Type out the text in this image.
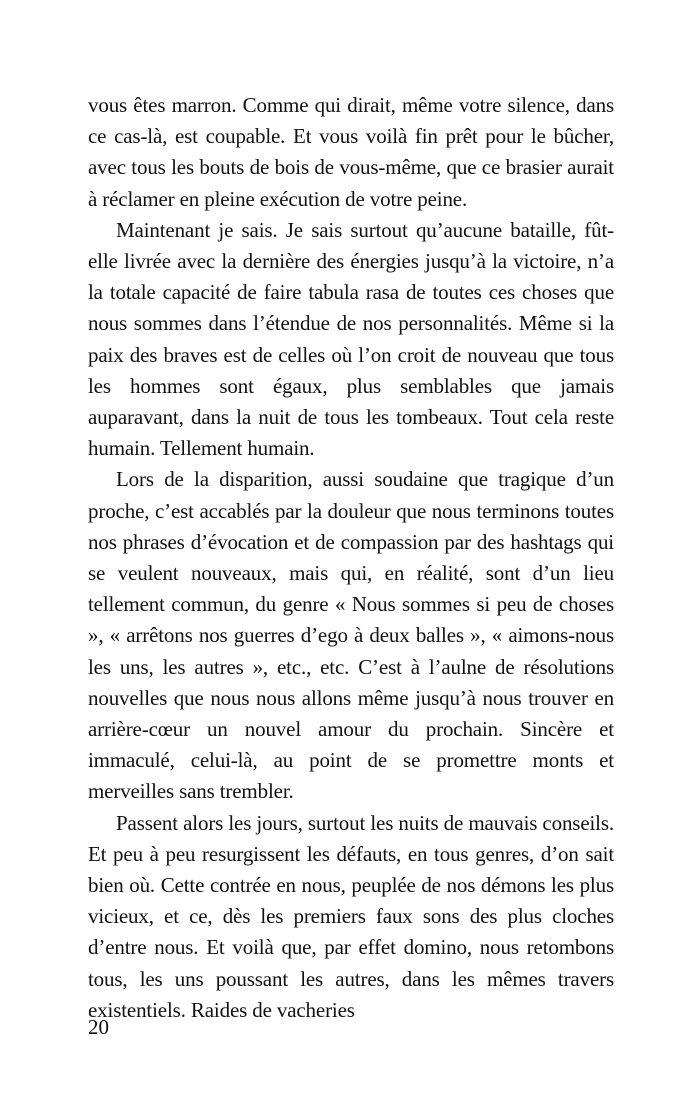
vous êtes marron. Comme qui dirait, même votre silence, dans ce cas-là, est coupable. Et vous voilà fin prêt pour le bûcher, avec tous les bouts de bois de vous-même, que ce brasier aurait à réclamer en pleine exécution de votre peine.

Maintenant je sais. Je sais surtout qu’aucune bataille, fût-elle livrée avec la dernière des énergies jusqu’à la victoire, n’a la totale capacité de faire tabula rasa de toutes ces choses que nous sommes dans l’étendue de nos personnalités. Même si la paix des braves est de celles où l’on croit de nouveau que tous les hommes sont égaux, plus semblables que jamais auparavant, dans la nuit de tous les tombeaux. Tout cela reste humain. Tellement humain.

Lors de la disparition, aussi soudaine que tragique d’un proche, c’est accablés par la douleur que nous terminons toutes nos phrases d’évocation et de compassion par des hashtags qui se veulent nouveaux, mais qui, en réalité, sont d’un lieu tellement commun, du genre « Nous sommes si peu de choses », « arrêtons nos guerres d’ego à deux balles », « aimons-nous les uns, les autres », etc., etc. C’est à l’aulne de résolutions nouvelles que nous nous allons même jusqu’à nous trouver en arrière-cœur un nouvel amour du prochain. Sincère et immaculé, celui-là, au point de se promettre monts et merveilles sans trembler.

Passent alors les jours, surtout les nuits de mauvais conseils. Et peu à peu resurgissent les défauts, en tous genres, d’on sait bien où. Cette contrée en nous, peuplée de nos démons les plus vicieux, et ce, dès les premiers faux sons des plus cloches d’entre nous. Et voilà que, par effet domino, nous retombons tous, les uns poussant les autres, dans les mêmes travers existentiels. Raides de vacheries

20
